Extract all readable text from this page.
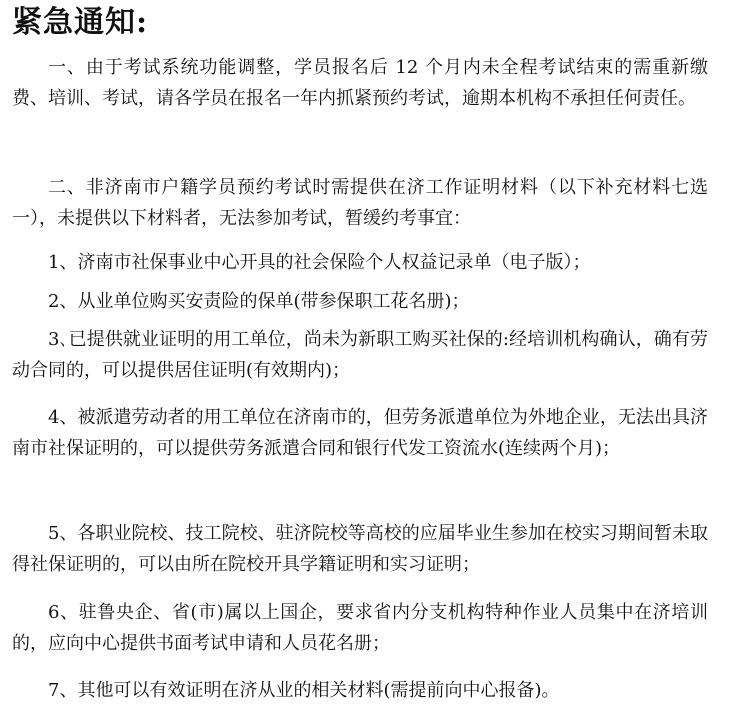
紧急通知:

一、由于考试系统功能调整，学员报名后 12 个月内未全程考试结束的需重新缴费、培训、考试，请各学员在报名一年内抓紧预约考试，逾期本机构不承担任何责任。

二、非济南市户籍学员预约考试时需提供在济工作证明材料（以下补充材料七选一），未提供以下材料者，无法参加考试，暂缓约考事宜：

1、济南市社保事业中心开具的社会保险个人权益记录单（电子版）；

2、从业单位购买安责险的保单(带参保职工花名册)；

3､已提供就业证明的用工单位，尚未为新职工购买社保的:经培训机构确认，确有劳动合同的，可以提供居住证明(有效期内)；

4、被派遣劳动者的用工单位在济南市的，但劳务派遣单位为外地企业，无法出具济南市社保证明的，可以提供劳务派遣合同和银行代发工资流水(连续两个月)；

5、各职业院校、技工院校、驻济院校等高校的应届毕业生参加在校实习期间暂未取得社保证明的，可以由所在院校开具学籍证明和实习证明；

6、驻鲁央企、省(市)属以上国企，要求省内分支机构特种作业人员集中在济培训的，应向中心提供书面考试申请和人员花名册；

7、其他可以有效证明在济从业的相关材料(需提前向中心报备)。
